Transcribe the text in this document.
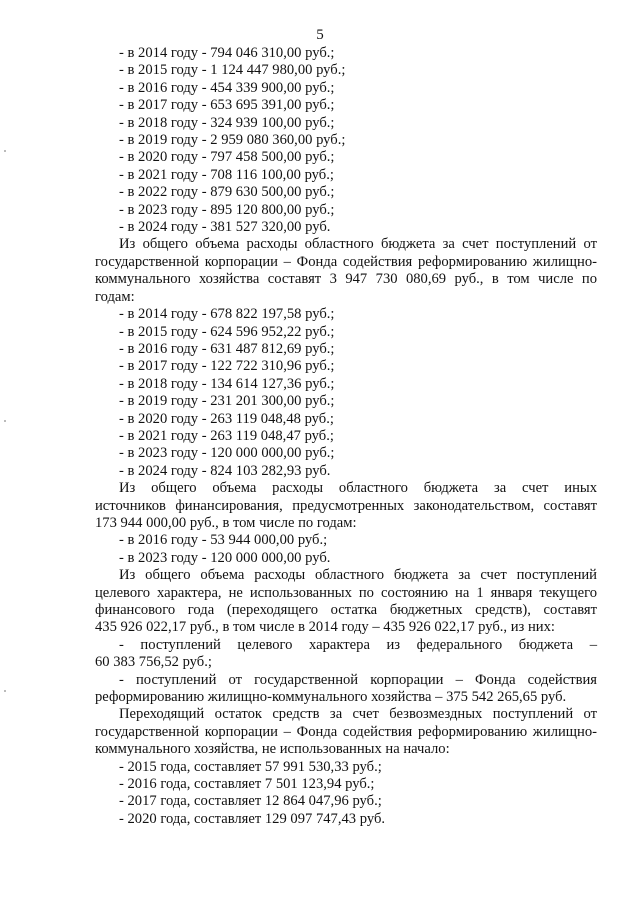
5
- в 2014 году - 794 046 310,00 руб.;
- в 2015 году - 1 124 447 980,00 руб.;
- в 2016 году - 454 339 900,00 руб.;
- в 2017 году - 653 695 391,00 руб.;
- в 2018 году - 324 939 100,00 руб.;
- в 2019 году - 2 959 080 360,00 руб.;
- в 2020 году - 797 458 500,00 руб.;
- в 2021 году - 708 116 100,00 руб.;
- в 2022 году - 879 630 500,00 руб.;
- в 2023 году - 895 120 800,00 руб.;
- в 2024 году - 381 527 320,00 руб.
Из общего объема расходы областного бюджета за счет поступлений от
государственной корпорации – Фонда содействия реформированию жилищно-
коммунального хозяйства составят 3 947 730 080,69 руб., в том числе по
годам:
- в 2014 году - 678 822 197,58 руб.;
- в 2015 году - 624 596 952,22 руб.;
- в 2016 году - 631 487 812,69 руб.;
- в 2017 году - 122 722 310,96 руб.;
- в 2018 году - 134 614 127,36 руб.;
- в 2019 году - 231 201 300,00 руб.;
- в 2020 году - 263 119 048,48 руб.;
- в 2021 году - 263 119 048,47 руб.;
- в 2023 году - 120 000 000,00 руб.;
- в 2024 году - 824 103 282,93 руб.
Из общего объема расходы областного бюджета за счет иных
источников финансирования, предусмотренных законодательством, составят
173 944 000,00 руб., в том числе по годам:
- в 2016 году - 53 944 000,00 руб.;
- в 2023 году - 120 000 000,00 руб.
Из общего объема расходы областного бюджета за счет поступлений
целевого характера, не использованных по состоянию на 1 января текущего
финансового года (переходящего остатка бюджетных средств), составят
435 926 022,17 руб., в том числе в 2014 году – 435 926 022,17 руб., из них:
- поступлений целевого характера из федерального бюджета –
60 383 756,52 руб.;
- поступлений от государственной корпорации – Фонда содействия
реформированию жилищно-коммунального хозяйства – 375 542 265,65 руб.
Переходящий остаток средств за счет безвозмездных поступлений от
государственной корпорации – Фонда содействия реформированию жилищно-
коммунального хозяйства, не использованных на начало:
- 2015 года, составляет 57 991 530,33 руб.;
- 2016 года, составляет 7 501 123,94 руб.;
- 2017 года, составляет 12 864 047,96 руб.;
- 2020 года, составляет 129 097 747,43 руб.
